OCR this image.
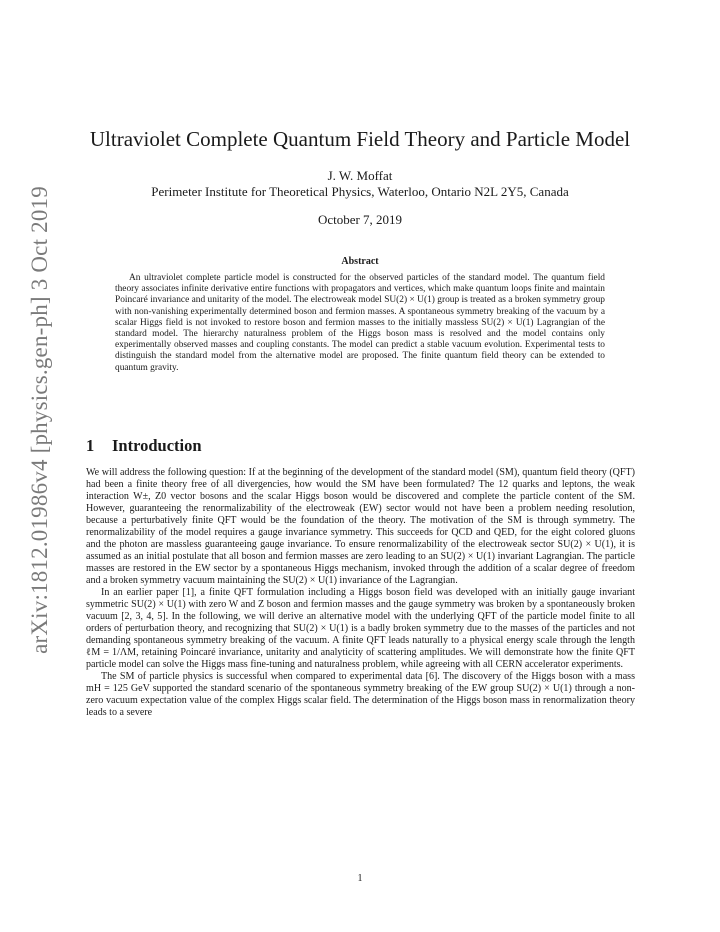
arXiv:1812.01986v4 [physics.gen-ph] 3 Oct 2019
Ultraviolet Complete Quantum Field Theory and Particle Model
J. W. Moffat
Perimeter Institute for Theoretical Physics, Waterloo, Ontario N2L 2Y5, Canada
October 7, 2019
Abstract

An ultraviolet complete particle model is constructed for the observed particles of the standard model. The quantum field theory associates infinite derivative entire functions with propagators and vertices, which make quantum loops finite and maintain Poincaré invariance and unitarity of the model. The electroweak model SU(2) × U(1) group is treated as a broken symmetry group with non-vanishing experimentally determined boson and fermion masses. A spontaneous symmetry breaking of the vacuum by a scalar Higgs field is not invoked to restore boson and fermion masses to the initially massless SU(2) × U(1) Lagrangian of the standard model. The hierarchy naturalness problem of the Higgs boson mass is resolved and the model contains only experimentally observed masses and coupling constants. The model can predict a stable vacuum evolution. Experimental tests to distinguish the standard model from the alternative model are proposed. The finite quantum field theory can be extended to quantum gravity.

1 Introduction

We will address the following question: If at the beginning of the development of the standard model (SM), quantum field theory (QFT) had been a finite theory free of all divergencies, how would the SM have been formulated? The 12 quarks and leptons, the weak interaction W±, Z0 vector bosons and the scalar Higgs boson would be discovered and complete the particle content of the SM. However, guaranteeing the renormalizability of the electroweak (EW) sector would not have been a problem needing resolution, because a perturbatively finite QFT would be the foundation of the theory. The motivation of the SM is through symmetry. The renormalizability of the model requires a gauge invariance symmetry. This succeeds for QCD and QED, for the eight colored gluons and the photon are massless guaranteeing gauge invariance. To ensure renormalizability of the electroweak sector SU(2) × U(1), it is assumed as an initial postulate that all boson and fermion masses are zero leading to an SU(2) × U(1) invariant Lagrangian. The particle masses are restored in the EW sector by a spontaneous Higgs mechanism, invoked through the addition of a scalar degree of freedom and a broken symmetry vacuum maintaining the SU(2) × U(1) invariance of the Lagrangian.

In an earlier paper [1], a finite QFT formulation including a Higgs boson field was developed with an initially gauge invariant symmetric SU(2) × U(1) with zero W and Z boson and fermion masses and the gauge symmetry was broken by a spontaneously broken vacuum [2, 3, 4, 5]. In the following, we will derive an alternative model with the underlying QFT of the particle model finite to all orders of perturbation theory, and recognizing that SU(2) × U(1) is a badly broken symmetry due to the masses of the particles and not demanding spontaneous symmetry breaking of the vacuum. A finite QFT leads naturally to a physical energy scale through the length ℓM = 1/ΛM, retaining Poincaré invariance, unitarity and analyticity of scattering amplitudes. We will demonstrate how the finite QFT particle model can solve the Higgs mass fine-tuning and naturalness problem, while agreeing with all CERN accelerator experiments.

The SM of particle physics is successful when compared to experimental data [6]. The discovery of the Higgs boson with a mass mH = 125 GeV supported the standard scenario of the spontaneous symmetry breaking of the EW group SU(2) × U(1) through a non-zero vacuum expectation value of the complex Higgs scalar field. The determination of the Higgs boson mass in renormalization theory leads to a severe

1
